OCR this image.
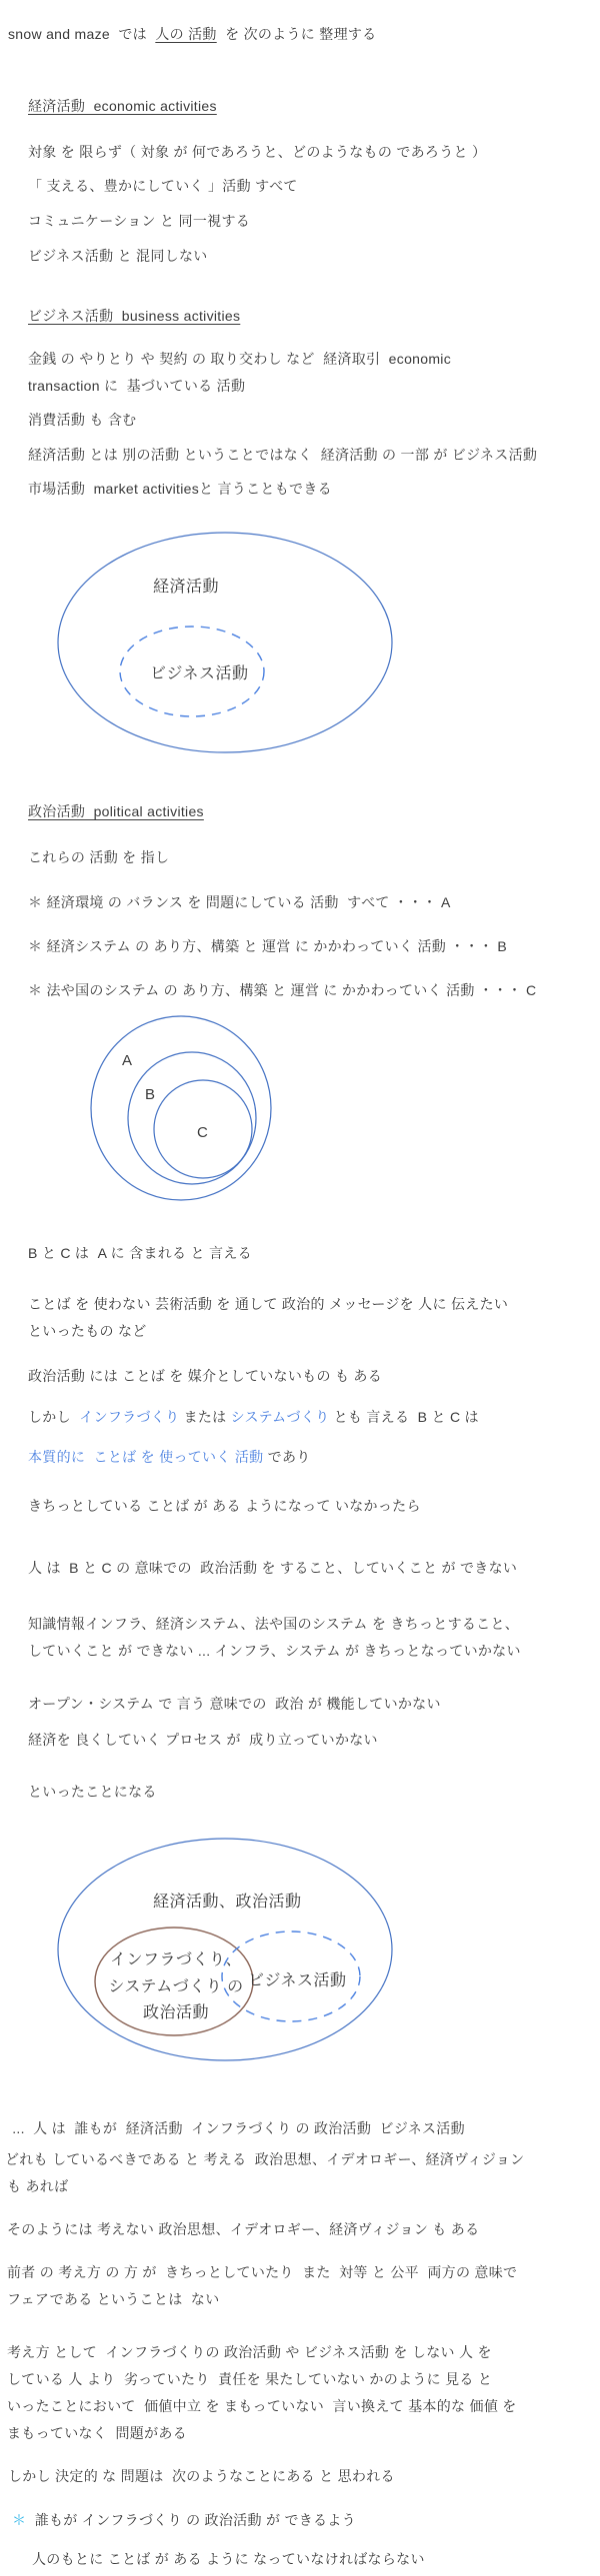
snow and maze  では  人の 活動  を 次のように 整理する
経済活動  economic activities
対象 を 限らず（ 対象 が 何であろうと、どのようなもの であろうと ）
「 支える、豊かにしていく 」活動 すべて
コミュニケーション と 同一視する
ビジネス活動 と 混同しない
ビジネス活動  business activities
金銭 の やりとり や 契約 の 取り交わし など  経済取引  economic
transaction に  基づいている 活動
消費活動 も 含む
経済活動 とは 別の活動 ということではなく  経済活動 の 一部 が ビジネス活動
市場活動  market activitiesと 言うこともできる
経済活動
ビジネス活動
政治活動  political activities
これらの 活動 を 指し
＊ 経済環境 の バランス を 問題にしている 活動  すべて ・・・ A
＊ 経済システム の あり方、構築 と 運営 に かかわっていく 活動 ・・・ B
＊ 法や国のシステム の あり方、構築 と 運営 に かかわっていく 活動 ・・・ C
A
B
C
B と C は  A に 含まれる と 言える
ことば を 使わない 芸術活動 を 通して 政治的 メッセージを 人に 伝えたい
といったもの など
政治活動 には ことば を 媒介としていないもの も ある
しかし  インフラづくり または システムづくり とも 言える  B と C は
本質的に  ことば を 使っていく 活動 であり
きちっとしている ことば が ある ようになって いなかったら
人 は  B と C の 意味での  政治活動 を すること、していくこと が できない
知識情報インフラ、経済システム、法や国のシステム を きちっとすること、
していくこと が できない ... インフラ、システム が きちっとなっていかない
オープン・システム で 言う 意味での  政治 が 機能していかない
経済を 良くしていく プロセス が  成り立っていかない
といったことになる
経済活動、政治活動
インフラづくり、
システムづくり の
政治活動
ビジネス活動
...  人 は  誰もが  経済活動  インフラづくり の 政治活動  ビジネス活動
どれも しているべきである と 考える  政治思想、イデオロギー、経済ヴィジョン
も あれば
そのようには 考えない 政治思想、イデオロギー、経済ヴィジョン も ある
前者 の 考え方 の 方 が  きちっとしていたり  また  対等 と 公平  両方の 意味で
フェアである ということは  ない
考え方 として  インフラづくりの 政治活動 や ビジネス活動 を しない 人 を
している 人 より  劣っていたり  責任を 果たしていない かのように 見る と
いったことにおいて  価値中立 を まもっていない  言い換えて 基本的な 価値 を
まもっていなく  問題がある
しかし 決定的 な 問題は  次のようなことにある と 思われる
＊  誰もが インフラづくり の 政治活動 が できるよう
人のもとに ことば が ある ように なっていなければならない
